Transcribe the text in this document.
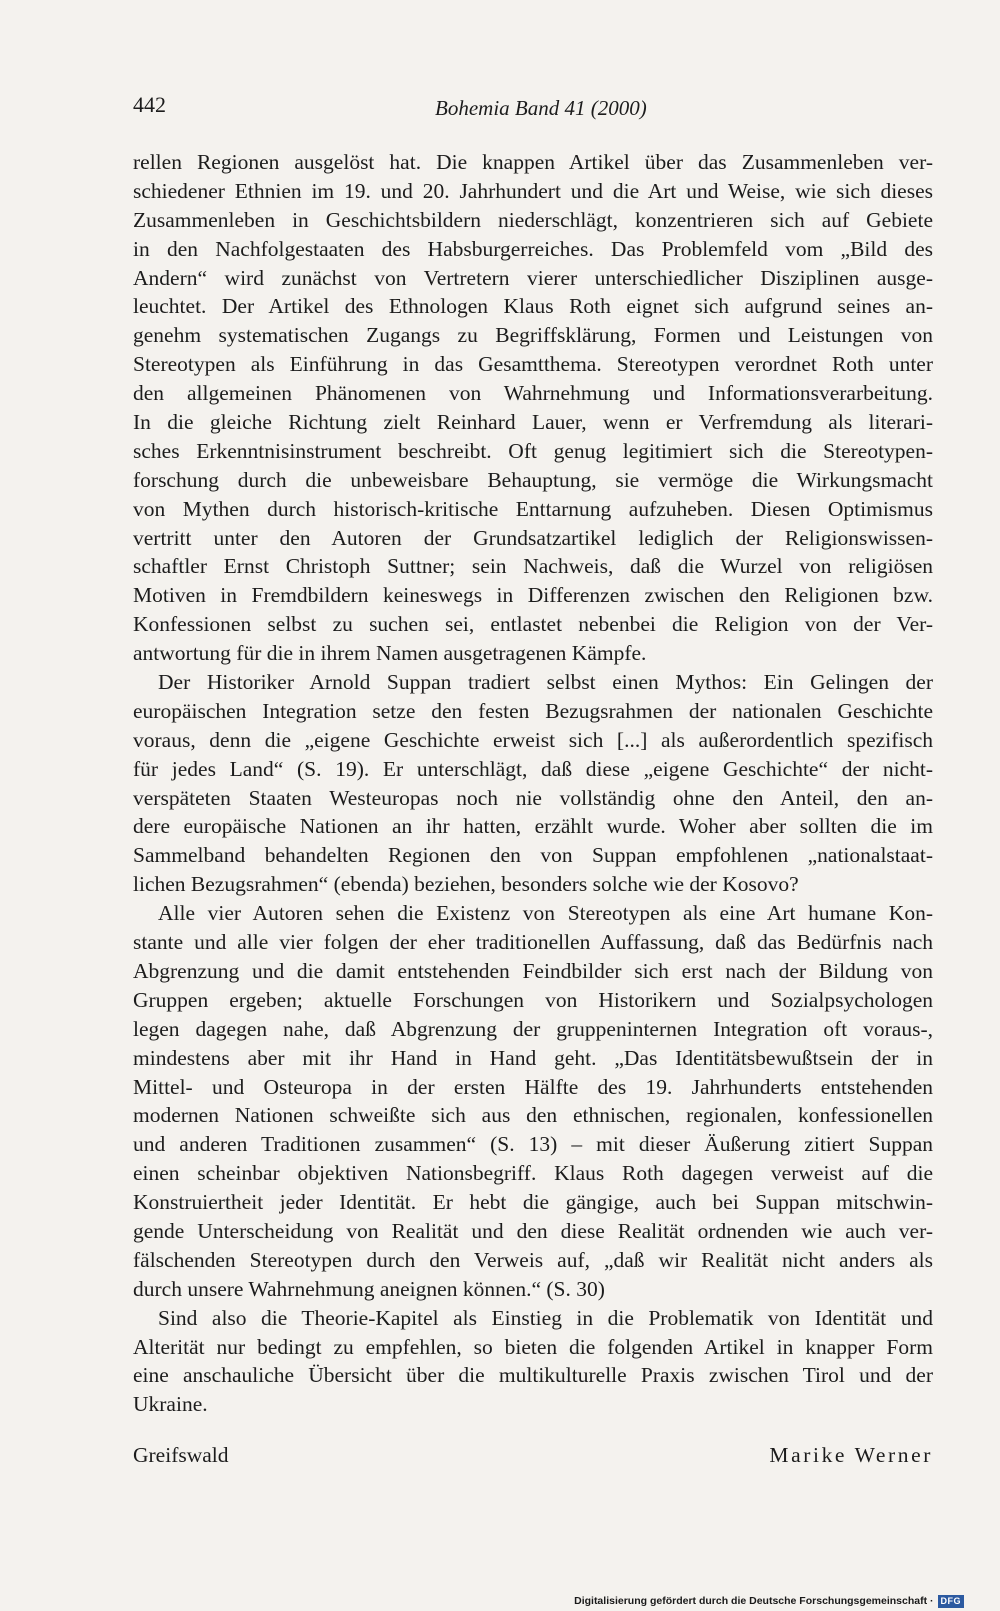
442	Bohemia Band 41 (2000)
rellen Regionen ausgelöst hat. Die knappen Artikel über das Zusammenleben ver-
schiedener Ethnien im 19. und 20. Jahrhundert und die Art und Weise, wie sich dieses
Zusammenleben in Geschichtsbildern niederschlägt, konzentrieren sich auf Gebiete
in den Nachfolgestaaten des Habsburgerreiches. Das Problemfeld vom „Bild des
Andern“ wird zunächst von Vertretern vierer unterschiedlicher Disziplinen ausge-
leuchtet. Der Artikel des Ethnologen Klaus Roth eignet sich aufgrund seines an-
genehm systematischen Zugangs zu Begriffsklärung, Formen und Leistungen von
Stereotypen als Einführung in das Gesamtthema. Stereotypen verordnet Roth unter
den allgemeinen Phänomenen von Wahrnehmung und Informationsverarbeitung.
In die gleiche Richtung zielt Reinhard Lauer, wenn er Verfremdung als literari-
sches Erkenntnisinstrument beschreibt. Oft genug legitimiert sich die Stereotypen-
forschung durch die unbeweisbare Behauptung, sie vermöge die Wirkungsmacht
von Mythen durch historisch-kritische Enttarnung aufzuheben. Diesen Optimismus
vertritt unter den Autoren der Grundsatzartikel lediglich der Religionswissen-
schaftler Ernst Christoph Suttner; sein Nachweis, daß die Wurzel von religiösen
Motiven in Fremdbildern keineswegs in Differenzen zwischen den Religionen bzw.
Konfessionen selbst zu suchen sei, entlastet nebenbei die Religion von der Ver-
antwortung für die in ihrem Namen ausgetragenen Kämpfe.
Der Historiker Arnold Suppan tradiert selbst einen Mythos: Ein Gelingen der
europäischen Integration setze den festen Bezugsrahmen der nationalen Geschichte
voraus, denn die „eigene Geschichte erweist sich [...] als außerordentlich spezifisch
für jedes Land“ (S. 19). Er unterschlägt, daß diese „eigene Geschichte“ der nicht-
verspäteten Staaten Westeuropas noch nie vollständig ohne den Anteil, den an-
dere europäische Nationen an ihr hatten, erzählt wurde. Woher aber sollten die im
Sammelband behandelten Regionen den von Suppan empfohlenen „nationalstaat-
lichen Bezugsrahmen“ (ebenda) beziehen, besonders solche wie der Kosovo?
Alle vier Autoren sehen die Existenz von Stereotypen als eine Art humane Kon-
stante und alle vier folgen der eher traditionellen Auffassung, daß das Bedürfnis nach
Abgrenzung und die damit entstehenden Feindbilder sich erst nach der Bildung von
Gruppen ergeben; aktuelle Forschungen von Historikern und Sozialpsychologen
legen dagegen nahe, daß Abgrenzung der gruppeninternen Integration oft voraus-,
mindestens aber mit ihr Hand in Hand geht. „Das Identitätsbewußtsein der in
Mittel- und Osteuropa in der ersten Hälfte des 19. Jahrhunderts entstehenden
modernen Nationen schweißte sich aus den ethnischen, regionalen, konfessionellen
und anderen Traditionen zusammen“ (S. 13) – mit dieser Äußerung zitiert Suppan
einen scheinbar objektiven Nationsbegriff. Klaus Roth dagegen verweist auf die
Konstruiertheit jeder Identität. Er hebt die gängige, auch bei Suppan mitschwin-
gende Unterscheidung von Realität und den diese Realität ordnenden wie auch ver-
fälschenden Stereotypen durch den Verweis auf, „daß wir Realität nicht anders als
durch unsere Wahrnehmung aneignen können.“ (S. 30)
Sind also die Theorie-Kapitel als Einstieg in die Problematik von Identität und
Alterität nur bedingt zu empfehlen, so bieten die folgenden Artikel in knapper Form
eine anschauliche Übersicht über die multikulturelle Praxis zwischen Tirol und der
Ukraine.
Greifswald	Marike Werner
Digitalisierung gefördert durch die Deutsche Forschungsgemeinschaft · DFG
